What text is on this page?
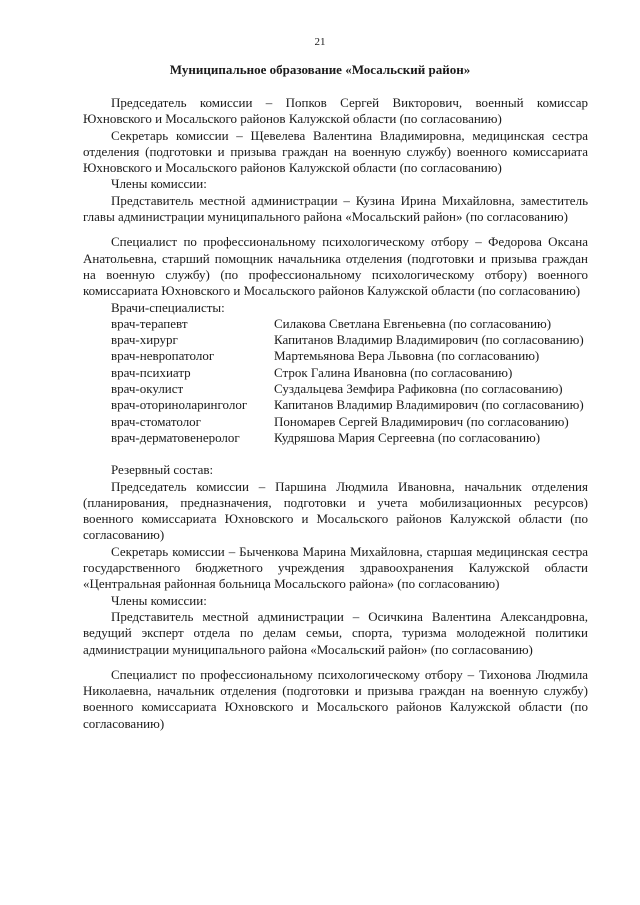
21
Муниципальное образование «Мосальский район»

Председатель комиссии – Попков Сергей Викторович, военный комиссар Юхновского и Мосальского районов Калужской области (по согласованию)

Секретарь комиссии – Щевелева Валентина Владимировна, медицинская сестра отделения (подготовки и призыва граждан на военную службу) военного комиссариата Юхновского и Мосальского районов Калужской области (по согласованию)

Члены комиссии:

Представитель местной администрации – Кузина Ирина Михайловна, заместитель главы администрации муниципального района «Мосальский район» (по согласованию)

Специалист по профессиональному психологическому отбору – Федорова Оксана Анатольевна, старший помощник начальника отделения (подготовки и призыва граждан на военную службу) (по профессиональному психологическому отбору) военного комиссариата Юхновского и Мосальского районов Калужской области (по согласованию)

Врачи-специалисты:

врач-терапевт	Силакова Светлана Евгеньевна (по согласованию)
врач-хирург	Капитанов Владимир Владимирович (по согласованию)
врач-невропатолог	Мартемьянова Вера Львовна (по согласованию)
врач-психиатр	Строк Галина Ивановна (по согласованию)
врач-окулист	Суздальцева Земфира Рафиковна (по согласованию)
врач-оториноларинголог	Капитанов Владимир Владимирович (по согласованию)
врач-стоматолог	Пономарев Сергей Владимирович (по согласованию)
врач-дерматовенеролог	Кудряшова Мария Сергеевна (по согласованию)

Резервный состав:

Председатель комиссии – Паршина Людмила Ивановна, начальник отделения (планирования, предназначения, подготовки и учета мобилизационных ресурсов) военного комиссариата Юхновского и Мосальского районов Калужской области (по согласованию)

Секретарь комиссии – Быченкова Марина Михайловна, старшая медицинская сестра государственного бюджетного учреждения здравоохранения Калужской области «Центральная районная больница Мосальского района» (по согласованию)

Члены комиссии:

Представитель местной администрации – Осичкина Валентина Александровна, ведущий эксперт отдела по делам семьи, спорта, туризма молодежной политики администрации муниципального района «Мосальский район» (по согласованию)

Специалист по профессиональному психологическому отбору – Тихонова Людмила Николаевна, начальник отделения (подготовки и призыва граждан на военную службу) военного комиссариата Юхновского и Мосальского районов Калужской области (по согласованию)
